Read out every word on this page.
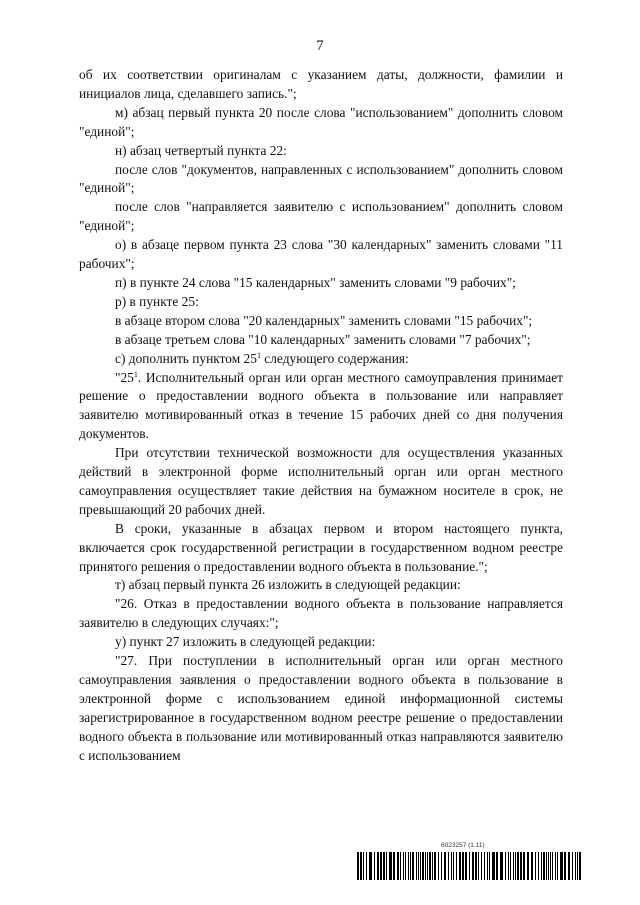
7

об их соответствии оригиналам с указанием даты, должности, фамилии и инициалов лица, сделавшего запись.";

м) абзац первый пункта 20 после слова "использованием" дополнить словом "единой";

н) абзац четвертый пункта 22:

после слов "документов, направленных с использованием" дополнить словом "единой";

после слов "направляется заявителю с использованием" дополнить словом "единой";

о) в абзаце первом пункта 23 слова "30 календарных" заменить словами "11 рабочих";

п) в пункте 24 слова "15 календарных" заменить словами "9 рабочих";

р) в пункте 25:

в абзаце втором слова "20 календарных" заменить словами "15 рабочих";

в абзаце третьем слова "10 календарных" заменить словами "7 рабочих";

с) дополнить пунктом $25^1$ следующего содержания:

"$25^1$. Исполнительный орган или орган местного самоуправления принимает решение о предоставлении водного объекта в пользование или направляет заявителю мотивированный отказ в течение 15 рабочих дней со дня получения документов.

При отсутствии технической возможности для осуществления указанных действий в электронной форме исполнительный орган или орган местного самоуправления осуществляет такие действия на бумажном носителе в срок, не превышающий 20 рабочих дней.

В сроки, указанные в абзацах первом и втором настоящего пункта, включается срок государственной регистрации в государственном водном реестре принятого решения о предоставлении водного объекта в пользование.";

т) абзац первый пункта 26 изложить в следующей редакции:

"26. Отказ в предоставлении водного объекта в пользование направляется заявителю в следующих случаях:";

у) пункт 27 изложить в следующей редакции:

"27. При поступлении в исполнительный орган или орган местного самоуправления заявления о предоставлении водного объекта в пользование в электронной форме с использованием единой информационной системы зарегистрированное в государственном водном реестре решение о предоставлении водного объекта в пользование или мотивированный отказ направляются заявителю с использованием

6023257 (1.11)
